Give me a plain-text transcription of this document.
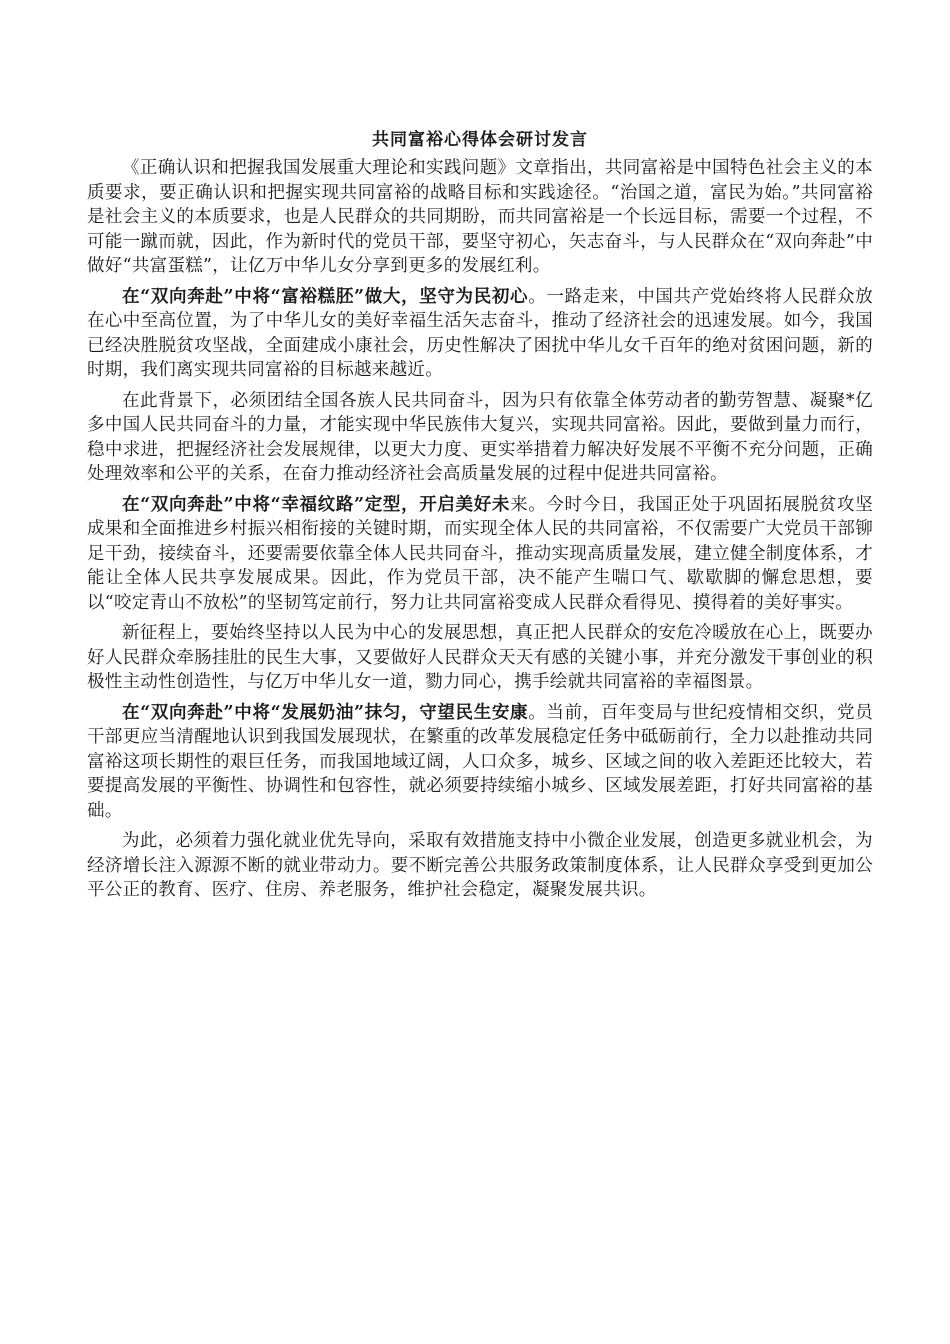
共同富裕心得体会研讨发言

《正确认识和把握我国发展重大理论和实践问题》文章指出，共同富裕是中国特色社会主义的本质要求，要正确认识和把握实现共同富裕的战略目标和实践途径。“治国之道，富民为始。”共同富裕是社会主义的本质要求，也是人民群众的共同期盼，而共同富裕是一个长远目标，需要一个过程，不可能一蹴而就，因此，作为新时代的党员干部，要坚守初心，矢志奋斗，与人民群众在“双向奔赴”中做好“共富蛋糕”，让亿万中华儿女分享到更多的发展红利。

在“双向奔赴”中将“富裕糕胚”做大，坚守为民初心。一路走来，中国共产党始终将人民群众放在心中至高位置，为了中华儿女的美好幸福生活矢志奋斗，推动了经济社会的迅速发展。如今，我国已经决胜脱贫攻坚战，全面建成小康社会，历史性解决了困扰中华儿女千百年的绝对贫困问题，新的时期，我们离实现共同富裕的目标越来越近。

在此背景下，必须团结全国各族人民共同奋斗，因为只有依靠全体劳动者的勤劳智慧、凝聚*亿多中国人民共同奋斗的力量，才能实现中华民族伟大复兴，实现共同富裕。因此，要做到量力而行，稳中求进，把握经济社会发展规律，以更大力度、更实举措着力解决好发展不平衡不充分问题，正确处理效率和公平的关系，在奋力推动经济社会高质量发展的过程中促进共同富裕。

在“双向奔赴”中将“幸福纹路”定型，开启美好未来。今时今日，我国正处于巩固拓展脱贫攻坚成果和全面推进乡村振兴相衔接的关键时期，而实现全体人民的共同富裕，不仅需要广大党员干部铆足干劲，接续奋斗，还要需要依靠全体人民共同奋斗，推动实现高质量发展，建立健全制度体系，才能让全体人民共享发展成果。因此，作为党员干部，决不能产生喘口气、歇歇脚的懈怠思想，要以“咬定青山不放松”的坚韧笃定前行，努力让共同富裕变成人民群众看得见、摸得着的美好事实。

新征程上，要始终坚持以人民为中心的发展思想，真正把人民群众的安危冷暖放在心上，既要办好人民群众牵肠挂肚的民生大事，又要做好人民群众天天有感的关键小事，并充分激发干事创业的积极性主动性创造性，与亿万中华儿女一道，勠力同心，携手绘就共同富裕的幸福图景。

在“双向奔赴”中将“发展奶油”抹匀，守望民生安康。当前，百年变局与世纪疫情相交织，党员干部更应当清醒地认识到我国发展现状，在繁重的改革发展稳定任务中砥砺前行，全力以赴推动共同富裕这项长期性的艰巨任务，而我国地域辽阔，人口众多，城乡、区域之间的收入差距还比较大，若要提高发展的平衡性、协调性和包容性，就必须要持续缩小城乡、区域发展差距，打好共同富裕的基础。

为此，必须着力强化就业优先导向，采取有效措施支持中小微企业发展，创造更多就业机会，为经济增长注入源源不断的就业带动力。要不断完善公共服务政策制度体系，让人民群众享受到更加公平公正的教育、医疗、住房、养老服务，维护社会稳定，凝聚发展共识。
